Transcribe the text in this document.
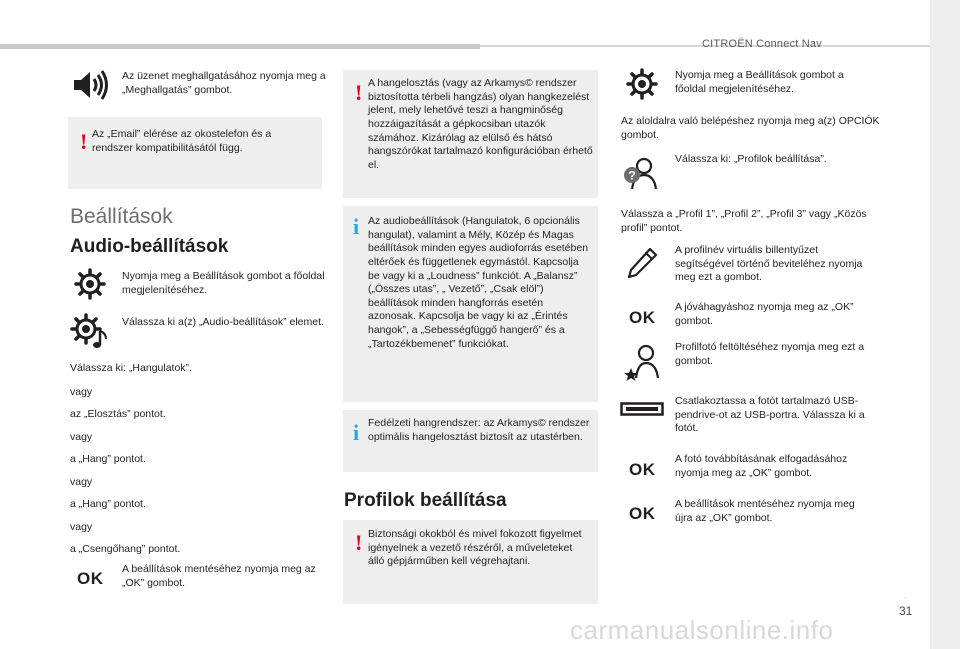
CITROËN Connect Nav
.
31
carmanualsonline.info
Az üzenet meghallgatásához nyomja meg a „Meghallgatás” gombot.
! Az „Email” elérése az okostelefon és a rendszer kompatibilitásától függ.
Beállítások
Audio-beállítások
Nyomja meg a Beállítások gombot a főoldal megjelenítéséhez.
Válassza ki a(z) „Audio-beállítások” elemet.
Válassza ki: „Hangulatok”.
vagy
az „Elosztás” pontot.
vagy
a „Hang” pontot.
vagy
a „Hang” pontot.
vagy
a „Csengőhang” pontot.
OK A beállítások mentéséhez nyomja meg az „OK” gombot.
! A hangelosztás (vagy az Arkamys© rendszer biztosította térbeli hangzás) olyan hangkezelést jelent, mely lehetővé teszi a hangminőség hozzáigazítását a gépkocsiban utazók számához. Kizárólag az elülső és hátsó hangszórókat tartalmazó konfigurációban érhető el.
i Az audiobeállítások (Hangulatok, 6 opcionális hangulat), valamint a Mély, Közép és Magas beállítások minden egyes audioforrás esetében eltérőek és függetlenek egymástól. Kapcsolja be vagy ki a „Loudness” funkciót. A „Balansz” („Összes utas”, „ Vezető”, „Csak elöl”) beállítások minden hangforrás esetén azonosak. Kapcsolja be vagy ki az „Érintés hangok”, a „Sebességfüggő hangerő” és a „Tartozékbemenet” funkciókat.
i Fedélzeti hangrendszer: az Arkamys© rendszer optimális hangelosztást biztosít az utastérben.
Profilok beállítása
! Biztonsági okokból és mivel fokozott figyelmet igényelnek a vezető részéről, a műveleteket álló gépjárműben kell végrehajtani.
Nyomja meg a Beállítások gombot a főoldal megjelenítéséhez.
Az aloldalra való belépéshez nyomja meg a(z) OPCIÓK gombot.
?
Válassza ki: „Profilok beállítása”.
Válassza a „Profil 1”, „Profil 2”, „Profil 3” vagy „Közös profil” pontot.
A profilnév virtuális billentyűzet segítségével történő beviteléhez nyomja meg ezt a gombot.
OK
A jóváhagyáshoz nyomja meg az „OK” gombot.
Profilfotó feltöltéséhez nyomja meg ezt a gombot.
Csatlakoztassa a fotót tartalmazó USB-pendrive-ot az USB-portra. Válassza ki a fotót.
OK
A fotó továbbításának elfogadásához nyomja meg az „OK” gombot.
OK A beállítások mentéséhez nyomja meg újra az „OK” gombot.
